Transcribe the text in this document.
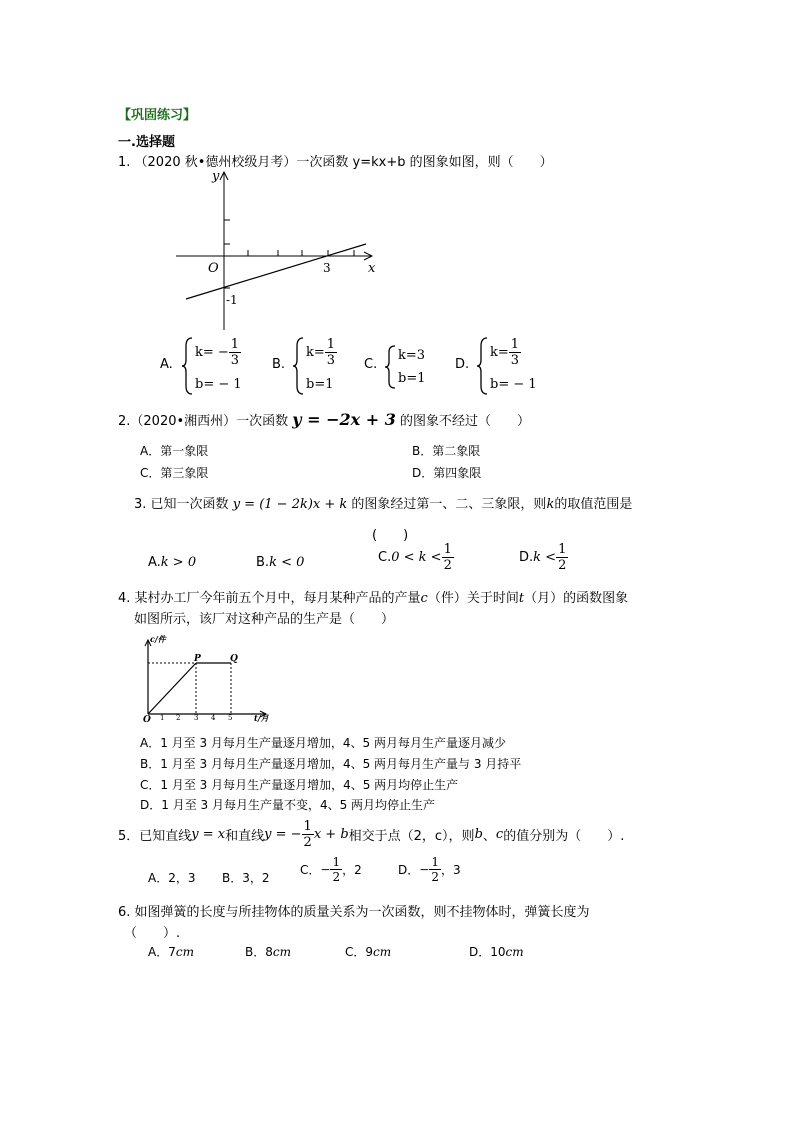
【巩固练习】
一.选择题
1. （2020 秋•德州校级月考）一次函数 y=kx+b 的图象如图，则（　　）
y
x
O	3
-1
A.
$k= - \frac{1}{3}$
b= − 1
B.
$k= \frac{1}{3}$
b=1
C.
k=3
b=1
D.
$k= \frac{1}{3}$
b= − 1
2.（2020•湘西州）一次函数 y = −2x + 3 的图象不经过（　　）
A．第一象限	B．第二象限
C．第三象限	D．第四象限
3. 已知一次函数 y = (1 − 2k)x + k 的图象经过第一、二、三象限，则k的取值范围是
(　　)
A.k > 0	B.k < 0	$C.0 < k < \frac{1}{2}$	$D.k < \frac{1}{2}$
4. 某村办工厂今年前五个月中，每月某种产品的产量c（件）关于时间t（月）的函数图象
如图所示，该厂对这种产品的生产是（　　）
c/件
t/月
O 1 2 3 4 5
P	Q
A．1 月至 3 月每月生产量逐月增加，4、5 两月每月生产量逐月减少
B．1 月至 3 月每月生产量逐月增加，4、5 两月每月生产量与 3 月持平
C．1 月至 3 月每月生产量逐月增加，4、5 两月均停止生产
D．1 月至 3 月每月生产量不变，4、5 两月均停止生产
5．已知直线y = x和直线y = − $\frac{1}{2}$ x + b相交于点（2，c），则b、c的值分别为（　　）.
A．2，3 B．3，2
C．− $\frac{1}{2}$ ，2	D．− $\frac{1}{2}$ ，3
6. 如图弹簧的长度与所挂物体的质量关系为一次函数，则不挂物体时，弹簧长度为
（　　）.
A．7cm	B．8cm	C．9cm	D．10cm
